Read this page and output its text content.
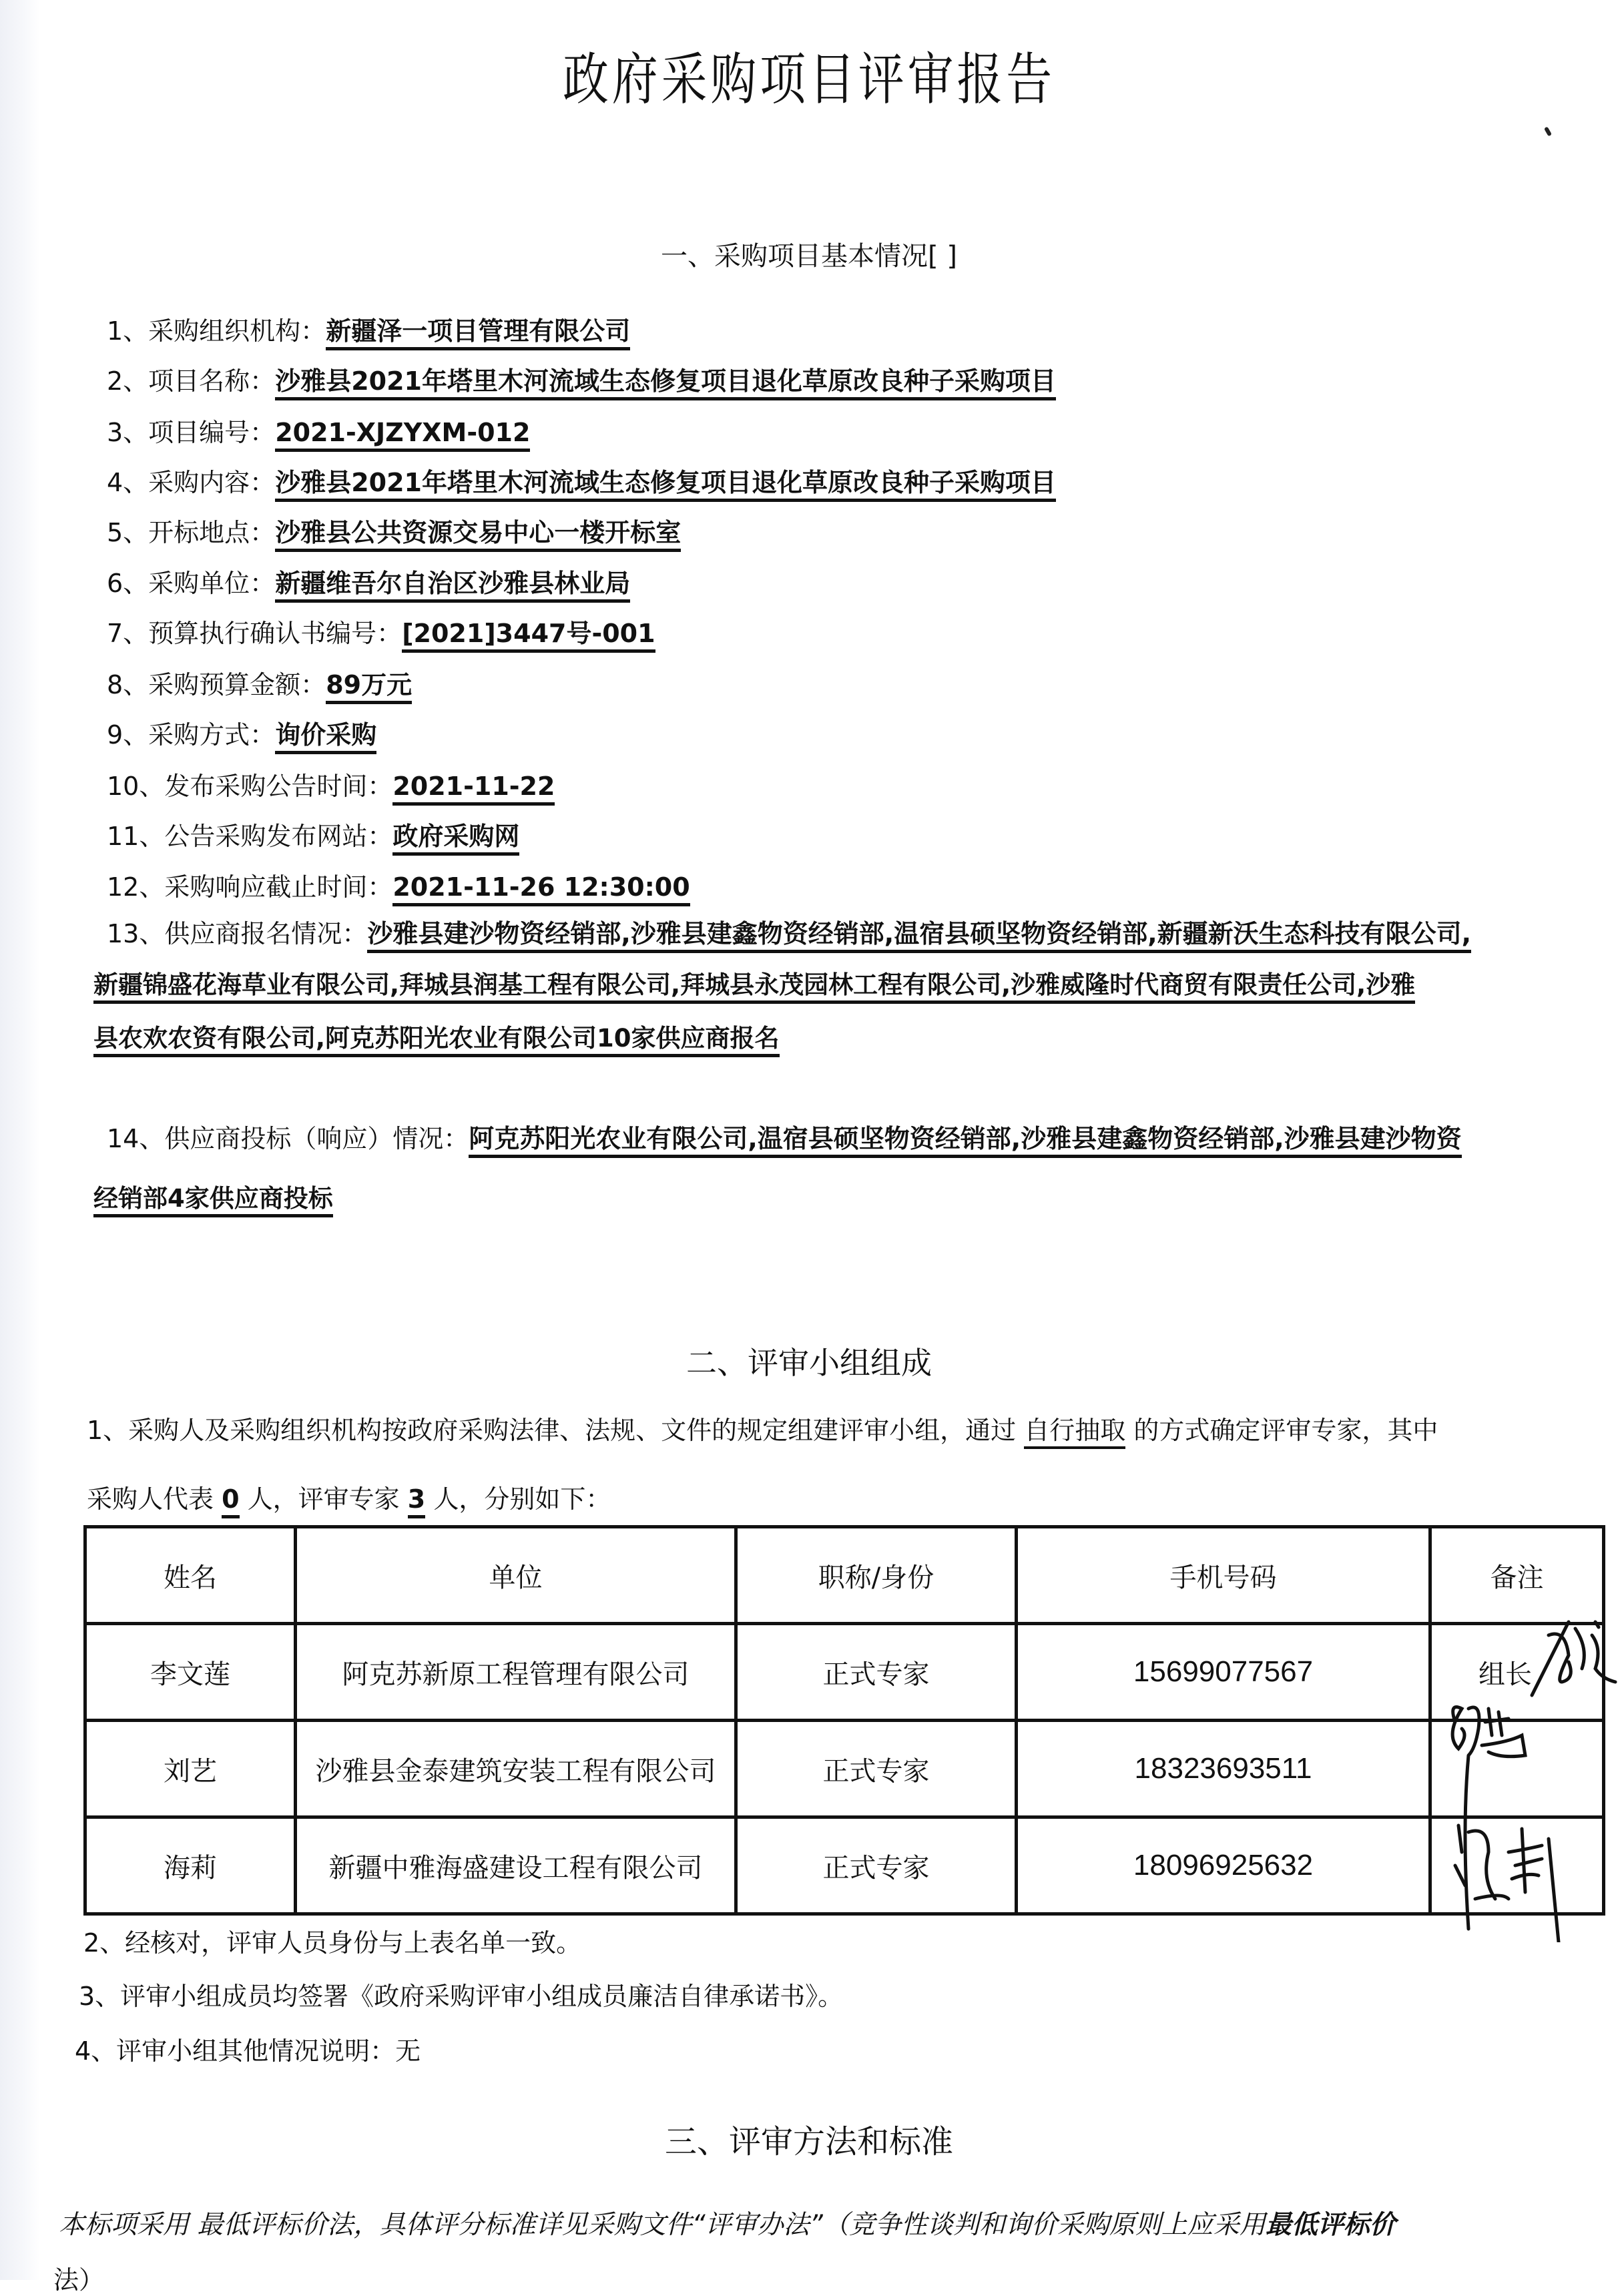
政府采购项目评审报告
一、采购项目基本情况[ ]
1、采购组织机构：新疆泽一项目管理有限公司
2、项目名称：沙雅县2021年塔里木河流域生态修复项目退化草原改良种子采购项目
3、项目编号：2021-XJZYXM-012
4、采购内容：沙雅县2021年塔里木河流域生态修复项目退化草原改良种子采购项目
5、开标地点：沙雅县公共资源交易中心一楼开标室
6、采购单位：新疆维吾尔自治区沙雅县林业局
7、预算执行确认书编号：[2021]3447号-001
8、采购预算金额：89万元
9、采购方式：询价采购
10、发布采购公告时间：2021-11-22
11、公告采购发布网站：政府采购网
12、采购响应截止时间：2021-11-26 12:30:00
13、供应商报名情况：沙雅县建沙物资经销部,沙雅县建鑫物资经销部,温宿县硕坚物资经销部,新疆新沃生态科技有限公司,
新疆锦盛花海草业有限公司,拜城县润基工程有限公司,拜城县永茂园林工程有限公司,沙雅威隆时代商贸有限责任公司,沙雅
县农欢农资有限公司,阿克苏阳光农业有限公司10家供应商报名
14、供应商投标（响应）情况：阿克苏阳光农业有限公司,温宿县硕坚物资经销部,沙雅县建鑫物资经销部,沙雅县建沙物资
经销部4家供应商投标
二、评审小组组成
1、采购人及采购组织机构按政府采购法律、法规、文件的规定组建评审小组，通过 自行抽取 的方式确定评审专家，其中
采购人代表 0 人，评审专家 3 人，分别如下：
姓名	单位	职称/身份	手机号码	备注
李文莲	阿克苏新原工程管理有限公司	正式专家	15699077567	组长
刘艺	沙雅县金泰建筑安装工程有限公司	正式专家	18323693511	
海莉	新疆中雅海盛建设工程有限公司	正式专家	18096925632	
2、经核对，评审人员身份与上表名单一致。
3、评审小组成员均签署《政府采购评审小组成员廉洁自律承诺书》。
4、评审小组其他情况说明：无
三、评审方法和标准
本标项采用 最低评标价法，具体评分标准详见采购文件“评审办法”（竞争性谈判和询价采购原则上应采用最低评标价
法）
